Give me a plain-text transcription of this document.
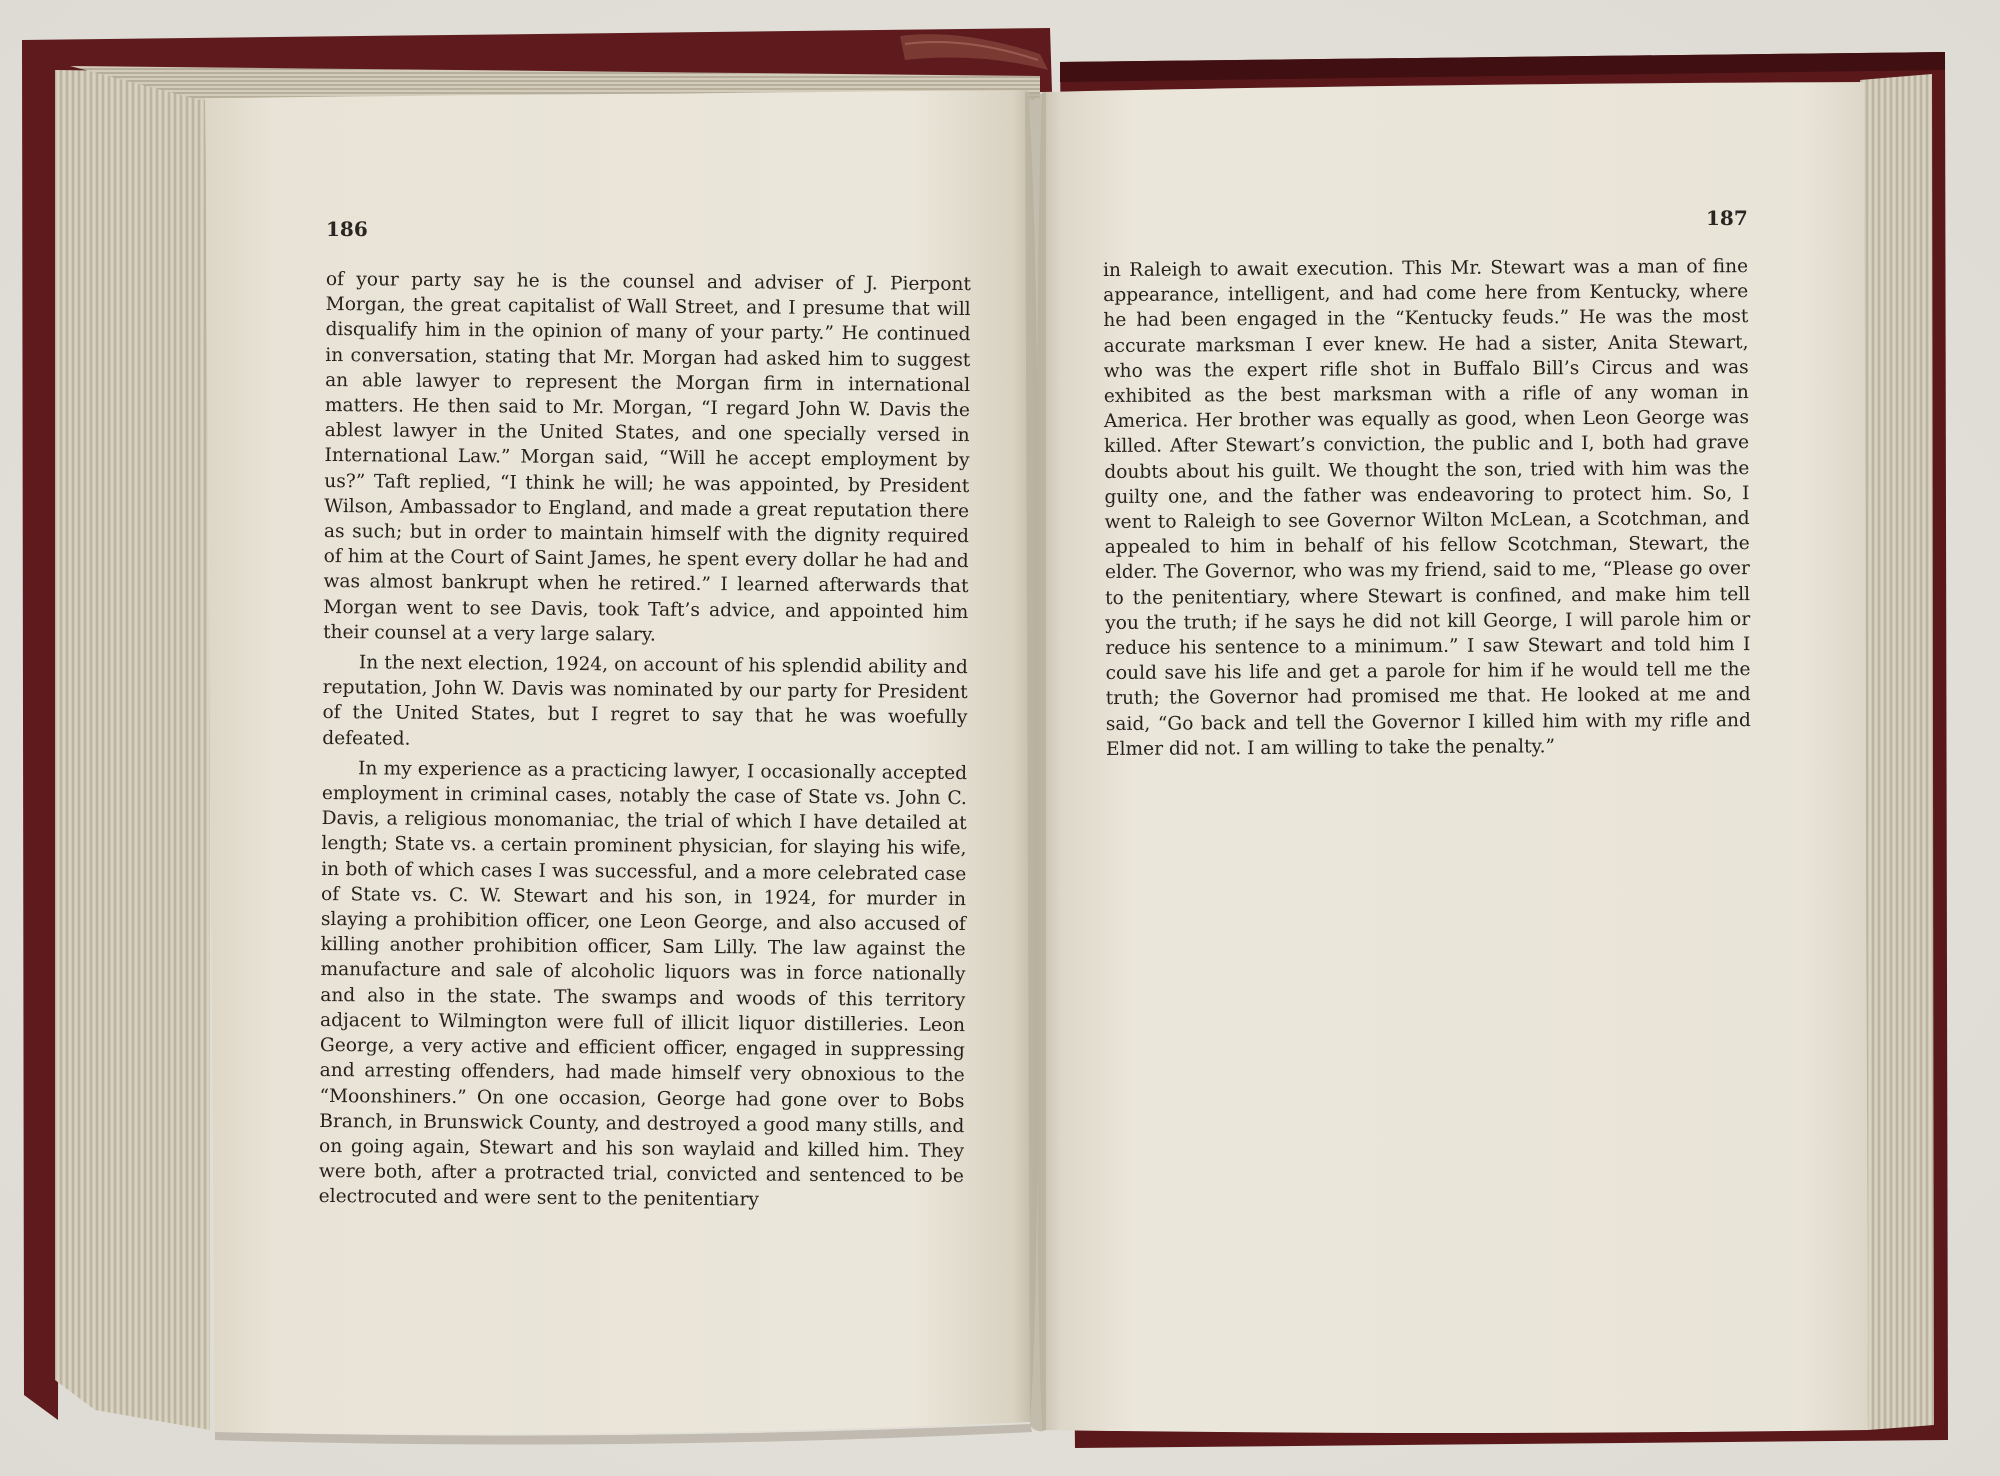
186	187

of your party say he is the counsel and adviser of J. Pierpont Morgan, the great capitalist of Wall Street, and I presume that will disqualify him in the opinion of many of your party.” He continued in conversation, stating that Mr. Morgan had asked him to suggest an able lawyer to represent the Morgan firm in international matters. He then said to Mr. Morgan, “I regard John W. Davis the ablest lawyer in the United States, and one specially versed in International Law.” Morgan said, “Will he accept employment by us?” Taft replied, “I think he will; he was appointed, by President Wilson, Ambassador to England, and made a great reputation there as such; but in order to maintain himself with the dignity required of him at the Court of Saint James, he spent every dollar he had and was almost bankrupt when he retired.” I learned afterwards that Morgan went to see Davis, took Taft’s advice, and appointed him their counsel at a very large salary.

In the next election, 1924, on account of his splendid ability and reputation, John W. Davis was nominated by our party for President of the United States, but I regret to say that he was woefully defeated.

In my experience as a practicing lawyer, I occasionally accepted employment in criminal cases, notably the case of State vs. John C. Davis, a religious monomaniac, the trial of which I have detailed at length; State vs. a certain prominent physician, for slaying his wife, in both of which cases I was successful, and a more celebrated case of State vs. C. W. Stewart and his son, in 1924, for murder in slaying a prohibition officer, one Leon George, and also accused of killing another prohibition officer, Sam Lilly. The law against the manufacture and sale of alcoholic liquors was in force nationally and also in the state. The swamps and woods of this territory adjacent to Wilmington were full of illicit liquor distilleries. Leon George, a very active and efficient officer, engaged in suppressing and arresting offenders, had made himself very obnoxious to the “Moonshiners.” On one occasion, George had gone over to Bobs Branch, in Brunswick County, and destroyed a good many stills, and on going again, Stewart and his son waylaid and killed him. They were both, after a protracted trial, convicted and sentenced to be electrocuted and were sent to the penitentiary

in Raleigh to await execution. This Mr. Stewart was a man of fine appearance, intelligent, and had come here from Kentucky, where he had been engaged in the “Kentucky feuds.” He was the most accurate marksman I ever knew. He had a sister, Anita Stewart, who was the expert rifle shot in Buffalo Bill’s Circus and was exhibited as the best marksman with a rifle of any woman in America. Her brother was equally as good, when Leon George was killed. After Stewart’s conviction, the public and I, both had grave doubts about his guilt. We thought the son, tried with him was the guilty one, and the father was endeavoring to protect him. So, I went to Raleigh to see Governor Wilton McLean, a Scotchman, and appealed to him in behalf of his fellow Scotchman, Stewart, the elder. The Governor, who was my friend, said to me, “Please go over to the penitentiary, where Stewart is confined, and make him tell you the truth; if he says he did not kill George, I will parole him or reduce his sentence to a minimum.” I saw Stewart and told him I could save his life and get a parole for him if he would tell me the truth; the Governor had promised me that. He looked at me and said, “Go back and tell the Governor I killed him with my rifle and Elmer did not. I am willing to take the penalty.”
